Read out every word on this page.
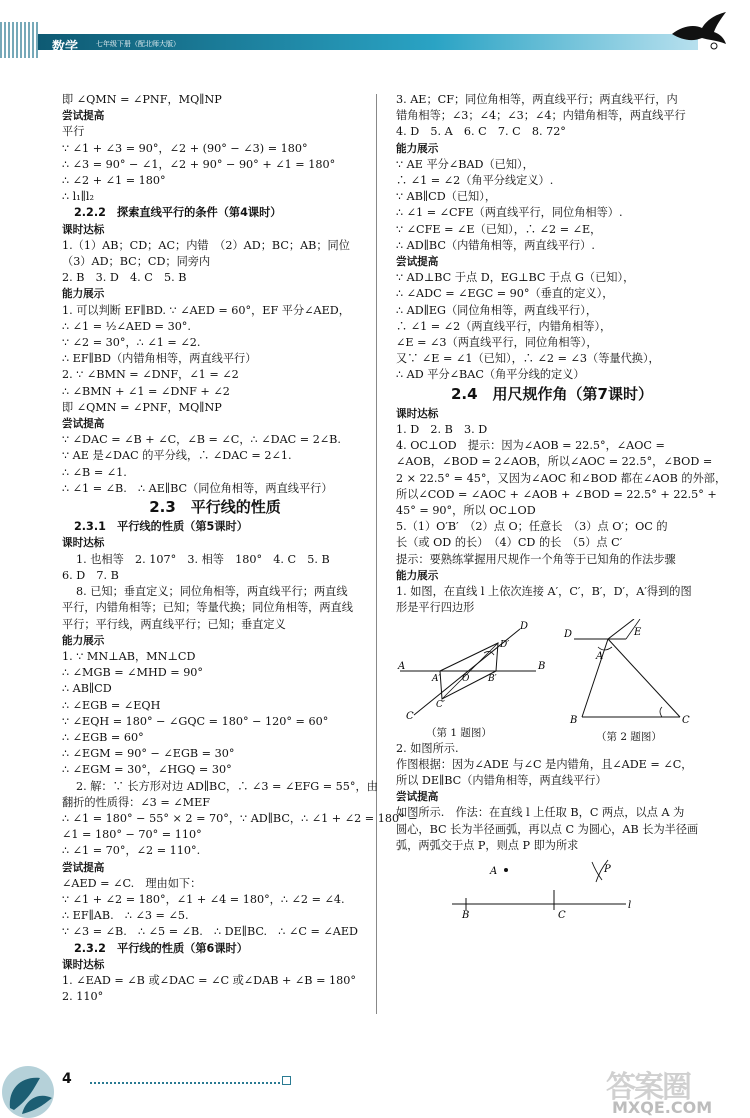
数学	七年级下册（配北师大版）
即 ∠QMN = ∠PNF，MQ∥NP
尝试提高
平行
∵ ∠1 + ∠3 = 90°，∠2 + (90° − ∠3) = 180°
∴ ∠3 = 90° − ∠1，∠2 + 90° − 90° + ∠1 = 180°
∴ ∠2 + ∠1 = 180°
∴ l₁∥l₂
2.2.2　探索直线平行的条件（第4课时）
课时达标
1.（1）AB；CD；AC；内错　（2）AD；BC；AB；同位
（3）AD；BC；CD；同旁内
2. B　3. D　4. C　5. B
能力展示
1. 可以判断 EF∥BD. ∵ ∠AED = 60°，EF 平分∠AED，
∴ ∠1 = ½∠AED = 30°.
∵ ∠2 = 30°，∴ ∠1 = ∠2.
∴ EF∥BD（内错角相等，两直线平行）
2. ∵ ∠BMN = ∠DNF，∠1 = ∠2
∴ ∠BMN + ∠1 = ∠DNF + ∠2
即 ∠QMN = ∠PNF，MQ∥NP
尝试提高
∵ ∠DAC = ∠B + ∠C，∠B = ∠C，∴ ∠DAC = 2∠B.
∵ AE 是∠DAC 的平分线，∴ ∠DAC = 2∠1.
∴ ∠B = ∠1.
∴ ∠1 = ∠B.　∴ AE∥BC（同位角相等，两直线平行）
2.3　平行线的性质
2.3.1　平行线的性质（第5课时）
课时达标
1. 也相等　2. 107°　3. 相等　180°　4. C　5. B
6. D　7. B
8. 已知；垂直定义；同位角相等，两直线平行；两直线
平行，内错角相等；已知；等量代换；同位角相等，两直线
平行；平行线，两直线平行；已知；垂直定义
能力展示
1. ∵ MN⊥AB，MN⊥CD
∴ ∠MGB = ∠MHD = 90°
∴ AB∥CD
∴ ∠EGB = ∠EQH
∵ ∠EQH = 180° − ∠GQC = 180° − 120° = 60°
∴ ∠EGB = 60°
∴ ∠EGM = 90° − ∠EGB = 30°
∴ ∠EGM = 30°，∠HGQ = 30°
2. 解：∵ 长方形对边 AD∥BC，∴ ∠3 = ∠EFG = 55°，由
翻折的性质得：∠3 = ∠MEF
∴ ∠1 = 180° − 55° × 2 = 70°，∵ AD∥BC，∴ ∠1 + ∠2 = 180° −
∠1 = 180° − 70° = 110°
∴ ∠1 = 70°，∠2 = 110°.
尝试提高
∠AED = ∠C.　理由如下：
∵ ∠1 + ∠2 = 180°，∠1 + ∠4 = 180°，∴ ∠2 = ∠4.
∴ EF∥AB.　∴ ∠3 = ∠5.
∵ ∠3 = ∠B.　∴ ∠5 = ∠B.　∴ DE∥BC.　∴ ∠C = ∠AED
2.3.2　平行线的性质（第6课时）
课时达标
1. ∠EAD = ∠B 或∠DAC = ∠C 或∠DAB + ∠B = 180°
2. 110°
3. AE；CF；同位角相等，两直线平行；两直线平行，内
错角相等；∠3；∠4；∠3；∠4；内错角相等，两直线平行
4. D　5. A　6. C　7. C　8. 72°
能力展示
∵ AE 平分∠BAD（已知），
∴ ∠1 = ∠2（角平分线定义）.
∵ AB∥CD（已知），
∴ ∠1 = ∠CFE（两直线平行，同位角相等）.
∵ ∠CFE = ∠E（已知），∴ ∠2 = ∠E，
∴ AD∥BC（内错角相等，两直线平行）.
尝试提高
∵ AD⊥BC 于点 D，EG⊥BC 于点 G（已知），
∴ ∠ADC = ∠EGC = 90°（垂直的定义），
∴ AD∥EG（同位角相等，两直线平行），
∴ ∠1 = ∠2（两直线平行，内错角相等），
∠E = ∠3（两直线平行，同位角相等），
又∵ ∠E = ∠1（已知），∴ ∠2 = ∠3（等量代换），
∴ AD 平分∠BAC（角平分线的定义）
2.4　用尺规作角（第7课时）
课时达标
1. D　2. B　3. D
4. OC⊥OD　提示：因为∠AOB = 22.5°，∠AOC =
∠AOB，∠BOD = 2∠AOB，所以∠AOC = 22.5°，∠BOD =
2 × 22.5° = 45°，又因为∠AOC 和∠BOD 都在∠AOB 的外部，
所以∠COD = ∠AOC + ∠AOB + ∠BOD = 22.5° + 22.5° +
45° = 90°，所以 OC⊥OD
5.（1）O′B′　（2）点 O；任意长　（3）点 O′；OC 的
长（或 OD 的长）　（4）CD 的长　（5）点 C′
提示：要熟练掌握用尺规作一个角等于已知角的作法步骤
能力展示
1. 如图，在直线 l 上依次连接 A′，C′，B′，D′，A′得到的图
形是平行四边形
A	B
C
D
A′ O B′
D′
C′
（第 1 题图）
D	E
A
B	C
（第 2 题图）
2. 如图所示.
作图根据：因为∠ADE 与∠C 是内错角，且∠ADE = ∠C，
所以 DE∥BC（内错角相等，两直线平行）
尝试提高
如图所示.　作法：在直线 l 上任取 B，C 两点，以点 A 为
圆心，BC 长为半径画弧，再以点 C 为圆心，AB 长为半径画
弧，两弧交于点 P，则点 P 即为所求
A	P
B	C
l
4	答案圈
MXQE.COM
